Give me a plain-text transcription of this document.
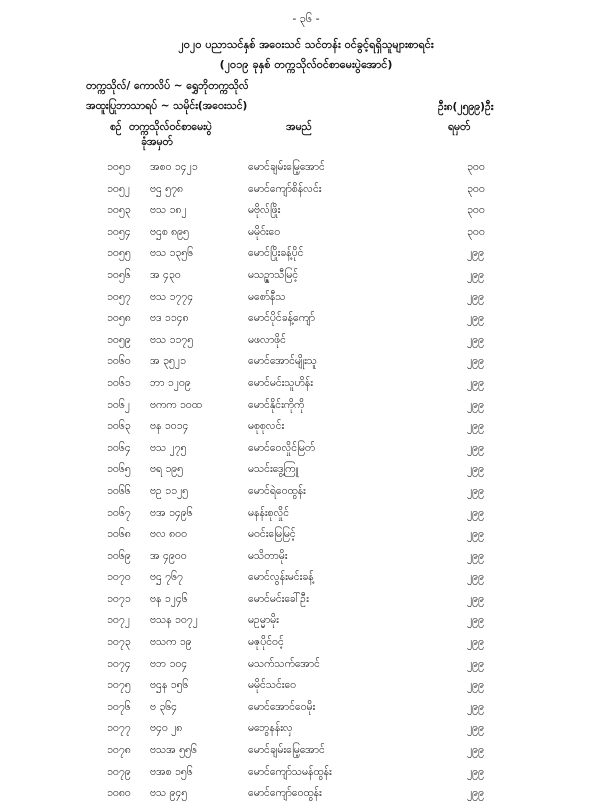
- ၃၆ -
၂၀၂၀ ပညာသင်နှစ် အဝေးသင် သင်တန်း ဝင်ခွင့်ရရှိသူများစာရင်း
(၂၀၁၉ ခုနှစ် တက္ကသိုလ်ဝင်စာမေးပွဲအောင်)
တက္ကသိုလ်/ ကောလိပ် ~ ရွှေဘိုတက္ကသိုလ်
အထူးပြုဘာသာရပ် ~ သမိုင်း(အဝေးသင်)	ဦး၈(၂၅၉၉)ဦး
စဉ် တက္ကသိုလ်ဝင်စာမေးပွဲ
ခုံအမှတ်
အမည်	ရမှတ်
၁၀၅၁ အစဝ ၁၄၂၁	မောင်ချမ်းမြေ့အောင်	၃၀၀
၁၀၅၂ ဗဌ ၅၇၈	မောင်ကျော်စိန်လင်း	၃၀၀
၁၀၅၃ ဗသ ၁၈၂	မဗိုလ်ဖြိုး	၃၀၀
၁၀၅၄ ဗဌစ ၈၉၅	မမိုဝ်းဝေ	၃၀၀
၁၀၅၅ ဗသ ၁၃၅၆	မောင်ပြိုးခန့်ပိုင်	၂၉၉
၁၀၅၆ အ ၄၃၀	မသဉ္ဇာသီမြင့်	၂၉၉
၁၀၅၇ ဗသ ၁၇၇၄	မစော်နီသ	၂၉၉
၁၀၅၈ ဗဒ ၁၁၄၈	မောင်ပိုင်ခန့်ကျော်	၂၉၉
၁၀၅၉ ဗသ ၁၁၇၅	မဖလာဖိုင်	၂၉၉
၁၀၆၀ အ ၃၅၂၁	မောင်အောင်မျိုးသူ	၂၉၉
၁၀၆၁ ဘာ ၁၂၀၉	မောင်မင်းသူဟိန်း	၂၉၉
၁၀၆၂ ဗကက ၁၀ထ	မောင်နိုင်းကိုကို	၂၉၉
၁၀၆၃ ဗန ၁၀၁၄	မစုစုလင်း	၂၉၉
၁၀၆၄ ဗသ ၂၇၅	မောင်ဝေလှိုင်မြတ်	၂၉၉
၁၀၆၅ ဗရ ၁၉၅	မသင်းဒွေ့ကြူ	၂၉၉
၁၀၆၆ ဗဥ ၁၁၂၅	မောင်ရဲဝေထွန်း	၂၉၉
၁၀၆၇ ဗအ ၁၄၉၆	မနန်းစုလှိုင်	၂၉၉
၁၀၆၈ ဗလ ၈၀၀	မဝင်းမြေမြင့်	၂၉၉
၁၀၆၉ အ ၄၉၀၀	မသိတာမိုး	၂၉၉
၁၀၇၀ ဗဌ ၇၆၇	မောင်လွန်းမင်းခန့်	၂၉၉
၁၀၇၁ ဗန ၁၂၄၆	မောင်မင်းခေါ်ဦး	၂၉၉
၁၀၇၂ ဗသန ၁၀၇၂	မဥမ္မာမိုး	၂၉၉
၁၀၇၃ ဗသက ၁၉	မဇုပိုင်ဝင့်	၂၉၉
၁၀၇၄ ဗဘ ၁၀၄	မသက်သက်အောင်	၂၉၉
၁၀၇၅ ဗဌန ၁၅၆	မမိုင်သင်းဝေ	၂၉၉
၁၀၇၆ ဗ ၃၆၄	မောင်အောင်ဝေမိုး	၂၉၉
၁၀၇၇ ဗ၄၀ ၂၈	မဘွေနန်းလှ	၂၉၉
၁၀၇၈ ဗသအ ၅၅၆	မောင်ချမ်းမြေ့အောင်	၂၉၉
၁၀၇၉ ဗအစ ၁၅၆	မောင်ကျော်သမန်ထွန်း	၂၉၉
၁၀၈၀ ဗသ ၉၄၅	မောင်ကျော်ဝေထွန်း	၂၉၉
